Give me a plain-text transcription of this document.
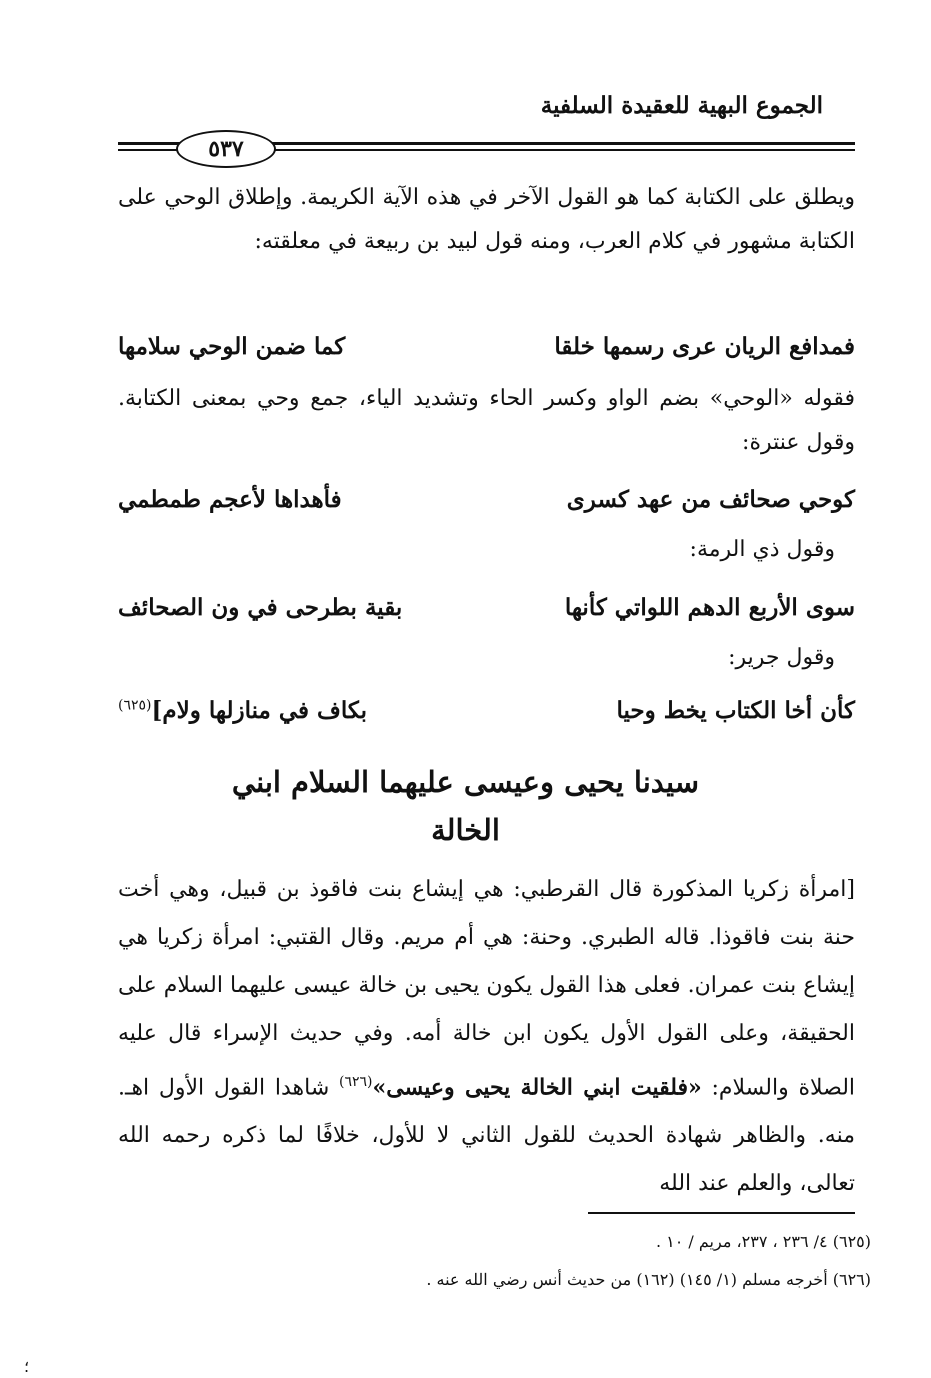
الجموع البهية للعقيدة السلفية
٥٣٧
ويطلق على الكتابة كما هو القول الآخر في هذه الآية الكريمة. وإطلاق الوحي على الكتابة مشهور في كلام العرب، ومنه قول لبيد بن ربيعة في معلقته:
فمدافع الريان عرى رسمها خلقا
كما ضمن الوحي سلامها
فقوله «الوحي» بضم الواو وكسر الحاء وتشديد الياء، جمع وحي بمعنى الكتابة. وقول عنترة:
كوحي صحائف من عهد كسرى
فأهداها لأعجم طمطمي
وقول ذي الرمة:
سوى الأربع الدهم اللواتي كأنها
بقية بطرحى في ون الصحائف
وقول جرير:
كأن أخا الكتاب يخط وحيا
بكاف في منازلها ولام]$^{(٦٢٥)}$
سيدنا يحيى وعيسى عليهما السلام ابني
الخالة
[امرأة زكريا المذكورة قال القرطبي: هي إيشاع بنت فاقوذ بن قبيل، وهي أخت حنة بنت فاقوذا. قاله الطبري. وحنة: هي أم مريم. وقال القتبي: امرأة زكريا هي إيشاع بنت عمران. فعلى هذا القول يكون يحيى بن خالة عيسى عليهما السلام على الحقيقة، وعلى القول الأول يكون ابن خالة أمه. وفي حديث الإسراء قال عليه الصلاة والسلام: «فلقيت ابني الخالة يحيى وعيسى»$^{(٦٢٦)}$ شاهدا القول الأول اهـ. منه. والظاهر شهادة الحديث للقول الثاني لا للأول، خلافًا لما ذكره رحمه الله تعالى، والعلم عند الله
(٦٢٥) ٤/ ٢٣٦ ، ٢٣٧، مريم / ١٠ .
(٦٢٦) أخرجه مسلم (١/ ١٤٥) (١٦٢) من حديث أنس رضي الله عنه .
؛
